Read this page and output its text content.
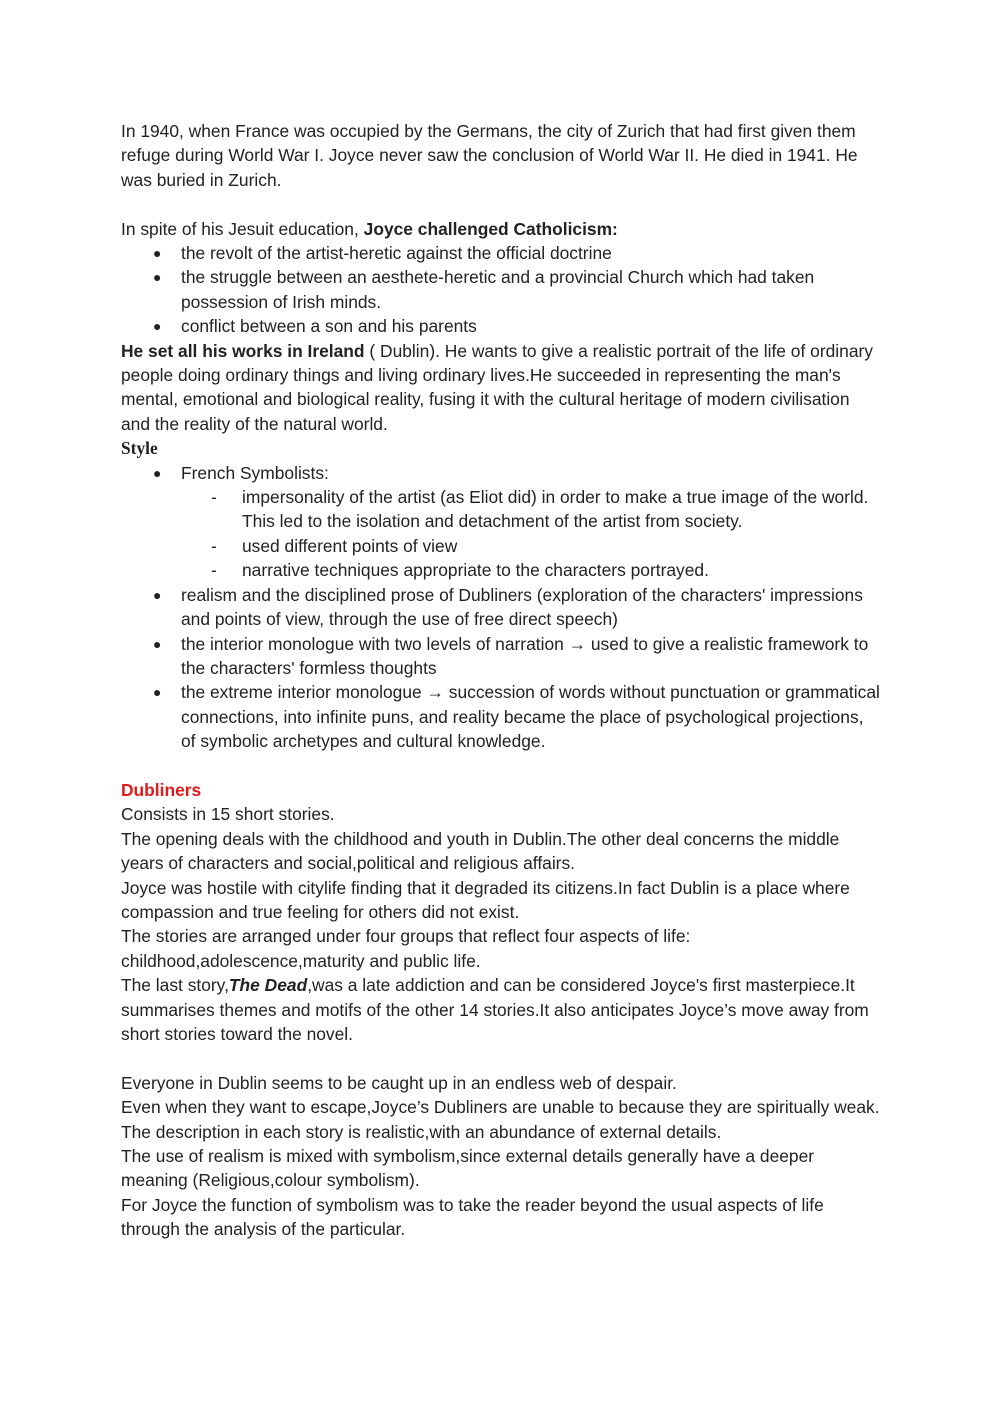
In 1940, when France was occupied by the Germans, the city of Zurich that had first given them refuge during World War I. Joyce never saw the conclusion of World War II. He died in 1941. He was buried in Zurich.

In spite of his Jesuit education, Joyce challenged Catholicism:

●	the revolt of the artist-heretic against the official doctrine
●	the struggle between an aesthete-heretic and a provincial Church which had taken possession of Irish minds.
●	conflict between a son and his parents

He set all his works in Ireland ( Dublin). He wants to give a realistic portrait of the life of ordinary people doing ordinary things and living ordinary lives.He succeeded in representing the man's mental, emotional and biological reality, fusing it with the cultural heritage of modern civilisation and the reality of the natural world.

Style

●	French Symbolists:
- impersonality of the artist (as Eliot did) in order to make a true image of the world. This led to the isolation and detachment of the artist from society.
- used different points of view
- narrative techniques appropriate to the characters portrayed.
●	realism and the disciplined prose of Dubliners (exploration of the characters' impressions and points of view, through the use of free direct speech)
●	the interior monologue with two levels of narration → used to give a realistic framework to the characters' formless thoughts
●	the extreme interior monologue → succession of words without punctuation or grammatical connections, into infinite puns, and reality became the place of psychological projections, of symbolic archetypes and cultural knowledge.

Dubliners

Consists in 15 short stories.

The opening deals with the childhood and youth in Dublin.The other deal concerns the middle years of characters and social,political and religious affairs.

Joyce was hostile with citylife finding that it degraded its citizens.In fact Dublin is a place where compassion and true feeling for others did not exist.

The stories are arranged under four groups that reflect four aspects of life: childhood,adolescence,maturity and public life.

The last story,The Dead,was a late addiction and can be considered Joyce's first masterpiece.It summarises themes and motifs of the other 14 stories.It also anticipates Joyce’s move away from short stories toward the novel.

Everyone in Dublin seems to be caught up in an endless web of despair.

Even when they want to escape,Joyce’s Dubliners are unable to because they are spiritually weak.

The description in each story is realistic,with an abundance of external details.

The use of realism is mixed with symbolism,since external details generally have a deeper meaning (Religious,colour symbolism).

For Joyce the function of symbolism was to take the reader beyond the usual aspects of life through the analysis of the particular.
